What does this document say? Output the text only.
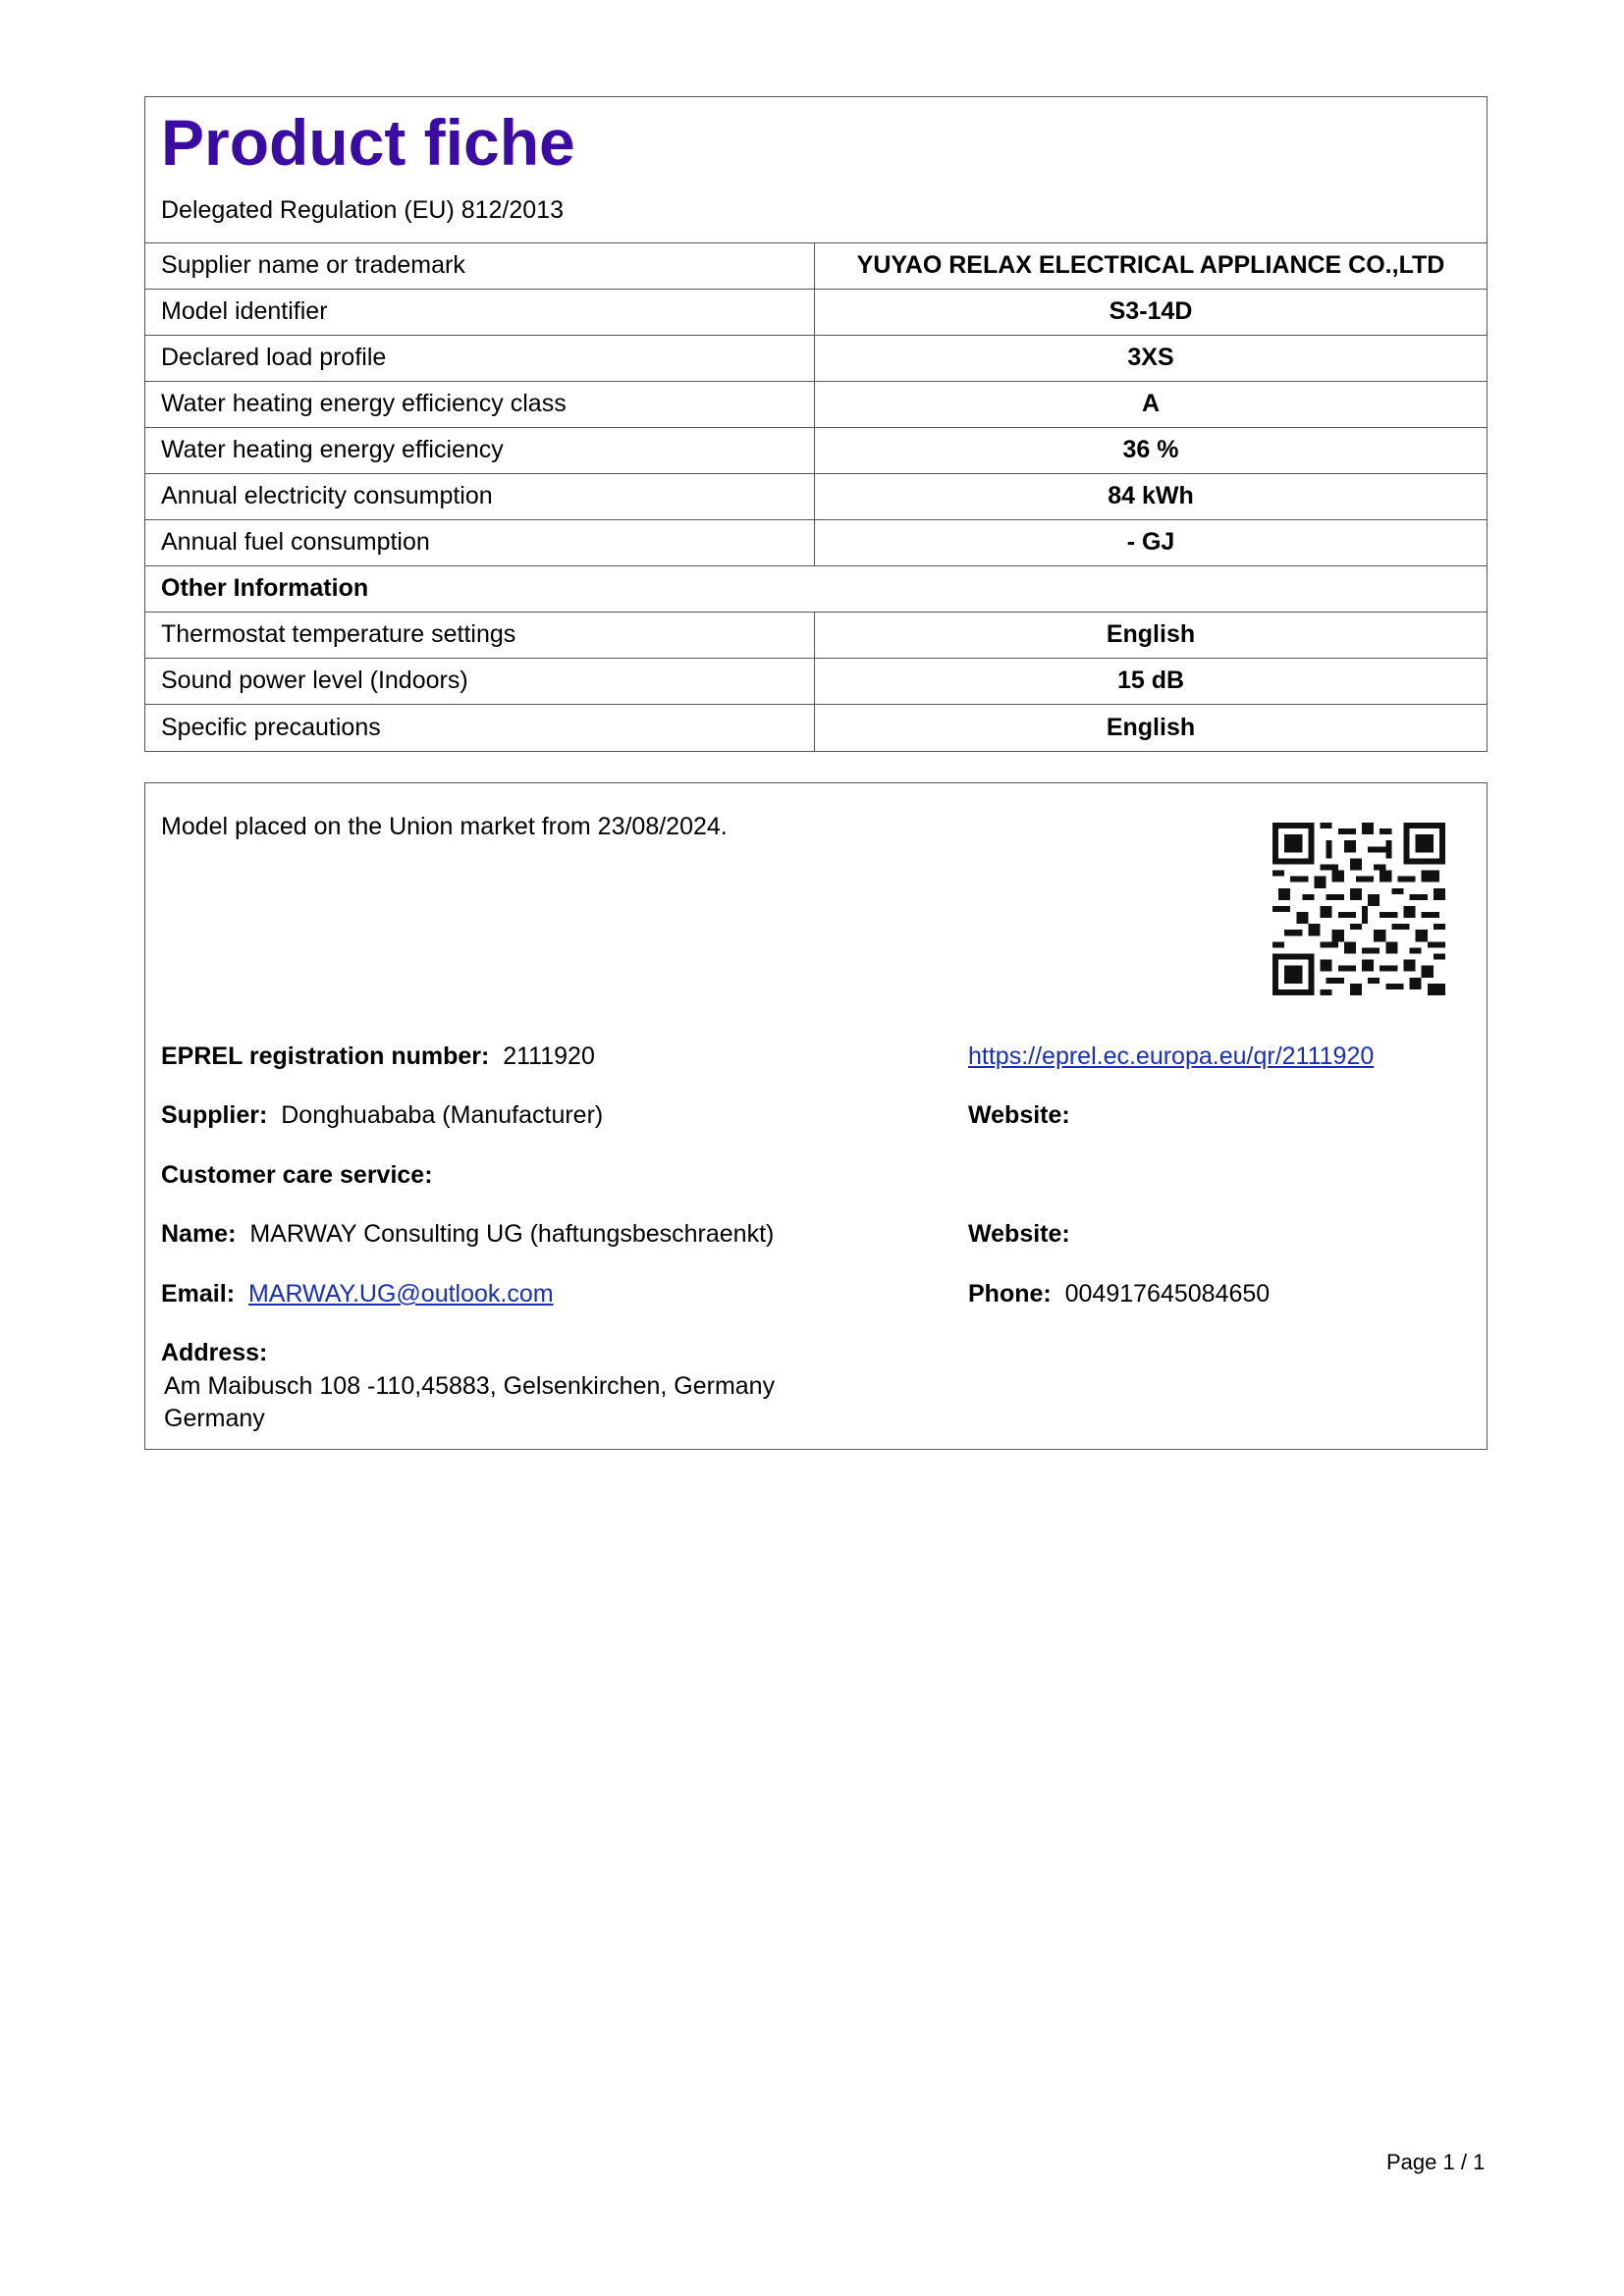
Product fiche
Delegated Regulation (EU) 812/2013
Supplier name or trademark	YUYAO RELAX ELECTRICAL APPLIANCE CO.,LTD
Model identifier	S3-14D
Declared load profile	3XS
Water heating energy efficiency class	A
Water heating energy efficiency	36 %
Annual electricity consumption	84 kWh
Annual fuel consumption	- GJ
Other Information
Thermostat temperature settings	English
Sound power level (Indoors)	15 dB
Specific precautions	English
Model placed on the Union market from 23/08/2024.
EPREL registration number: 2111920	https://eprel.ec.europa.eu/qr/2111920
Supplier: Donghuababa (Manufacturer)	Website:
Customer care service:
Name: MARWAY Consulting UG (haftungsbeschraenkt)	Website:
Email: MARWAY.UG@outlook.com	Phone: 004917645084650
Address:
Am Maibusch 108 -110,45883, Gelsenkirchen, Germany
Germany
Page 1 / 1
